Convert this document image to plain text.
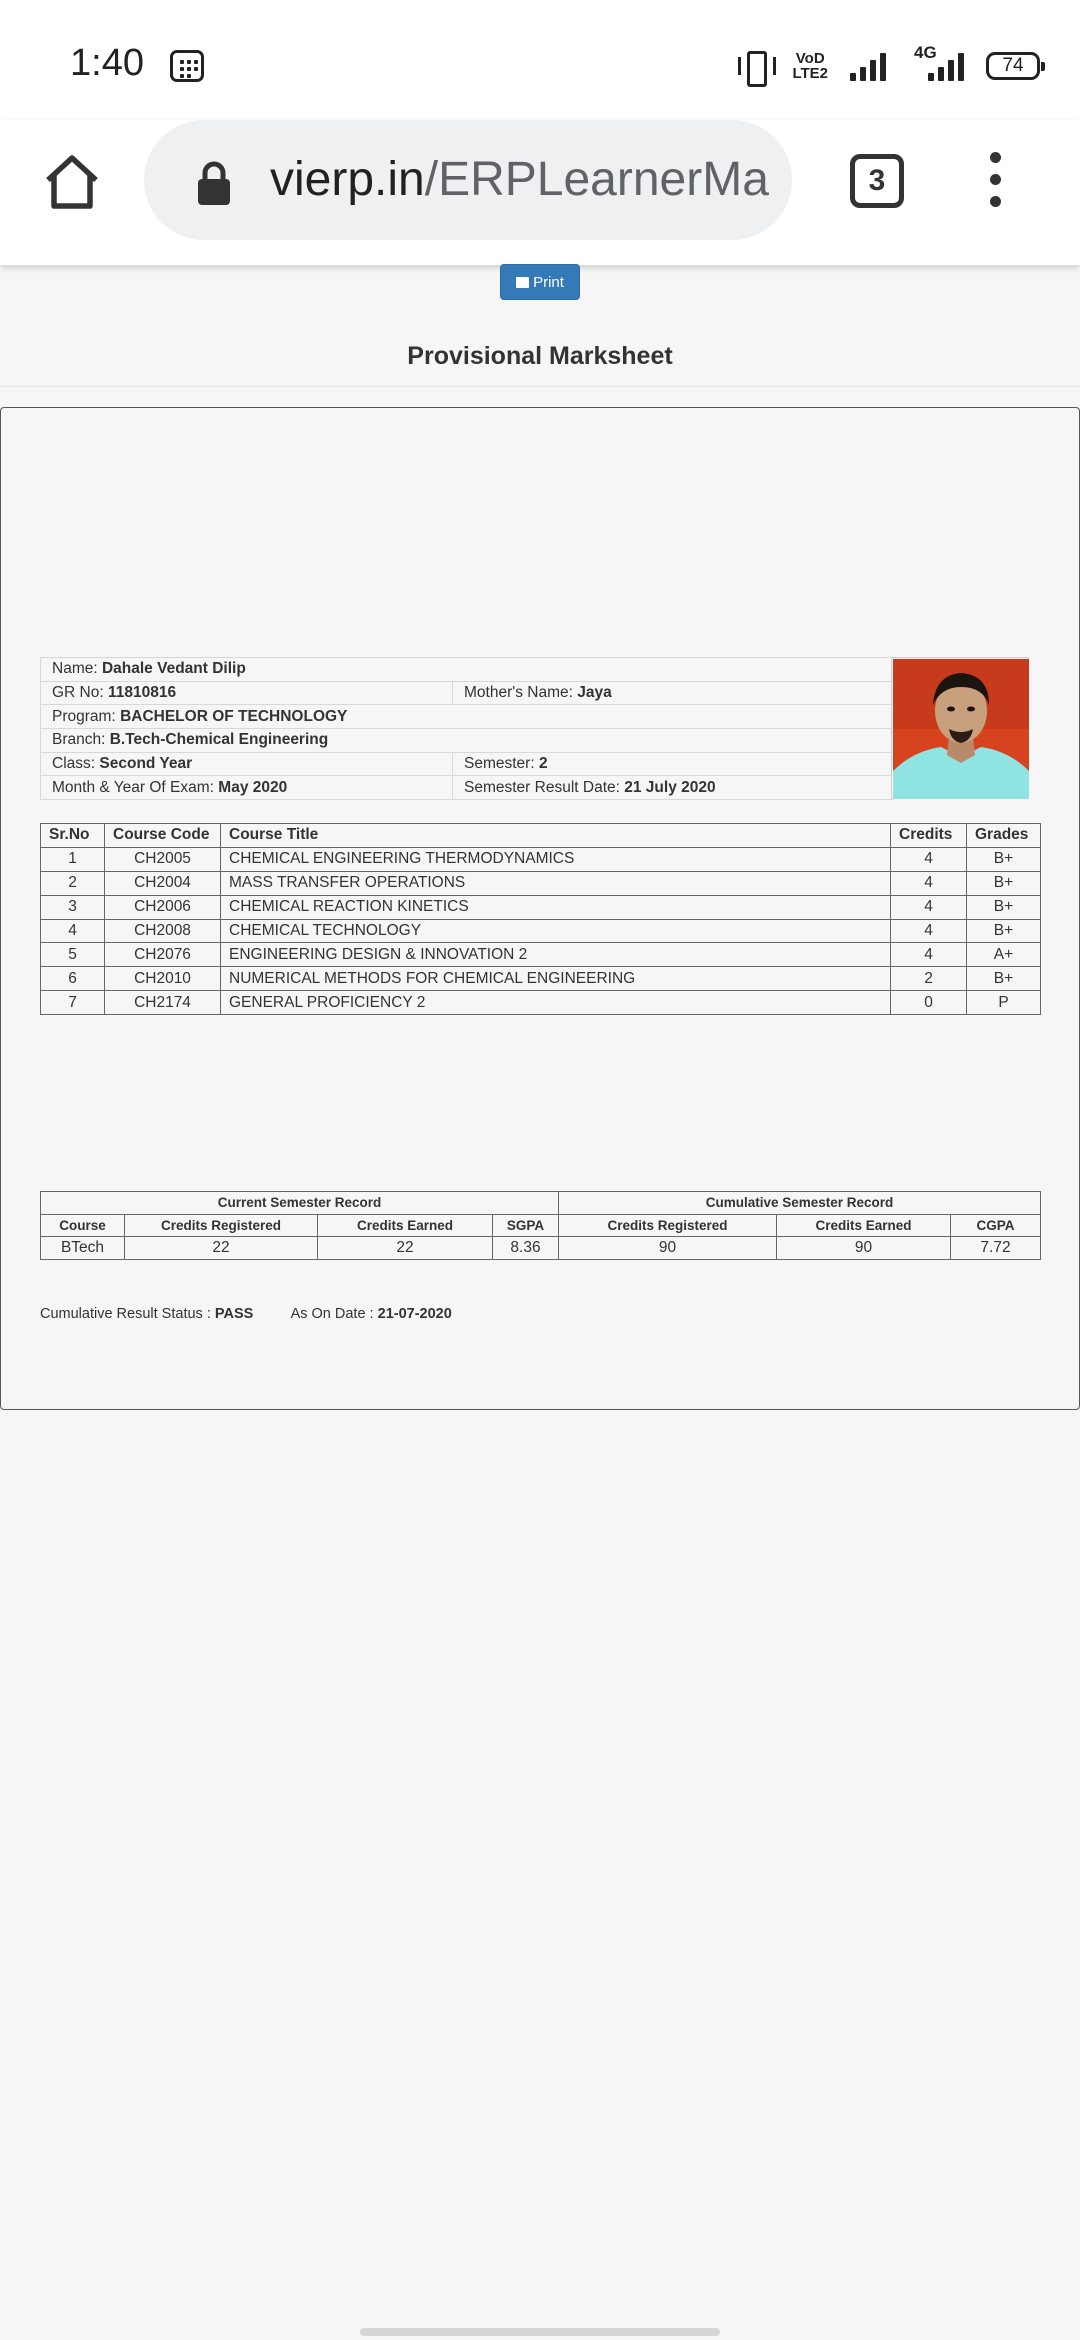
1:40	VoD
LTE2
4G
74
vierp.in/ERPLearnerMa	3
Print
Provisional Marksheet
Name: Dahale Vedant Dilip	
GR No: 11810816	Mother's Name: Jaya
Program: BACHELOR OF TECHNOLOGY	
Branch: B.Tech-Chemical Engineering	
Class: Second Year	Semester: 2
Month & Year Of Exam: May 2020	Semester Result Date: 21 July 2020
Sr.No	Course Code	Course Title	Credits	Grades
1	CH2005	CHEMICAL ENGINEERING THERMODYNAMICS	4	B+
2	CH2004	MASS TRANSFER OPERATIONS	4	B+
3	CH2006	CHEMICAL REACTION KINETICS	4	B+
4	CH2008	CHEMICAL TECHNOLOGY	4	B+
5	CH2076	ENGINEERING DESIGN & INNOVATION 2	4	A+
6	CH2010	NUMERICAL METHODS FOR CHEMICAL ENGINEERING	2	B+
7	CH2174	GENERAL PROFICIENCY 2	0	P
Current Semester Record				Cumulative Semester Record		
Course	Credits Registered	Credits Earned	SGPA	Credits Registered	Credits Earned	CGPA
BTech	22	22	8.36	90	90	7.72
Cumulative Result Status : PASS	As On Date : 21-07-2020
